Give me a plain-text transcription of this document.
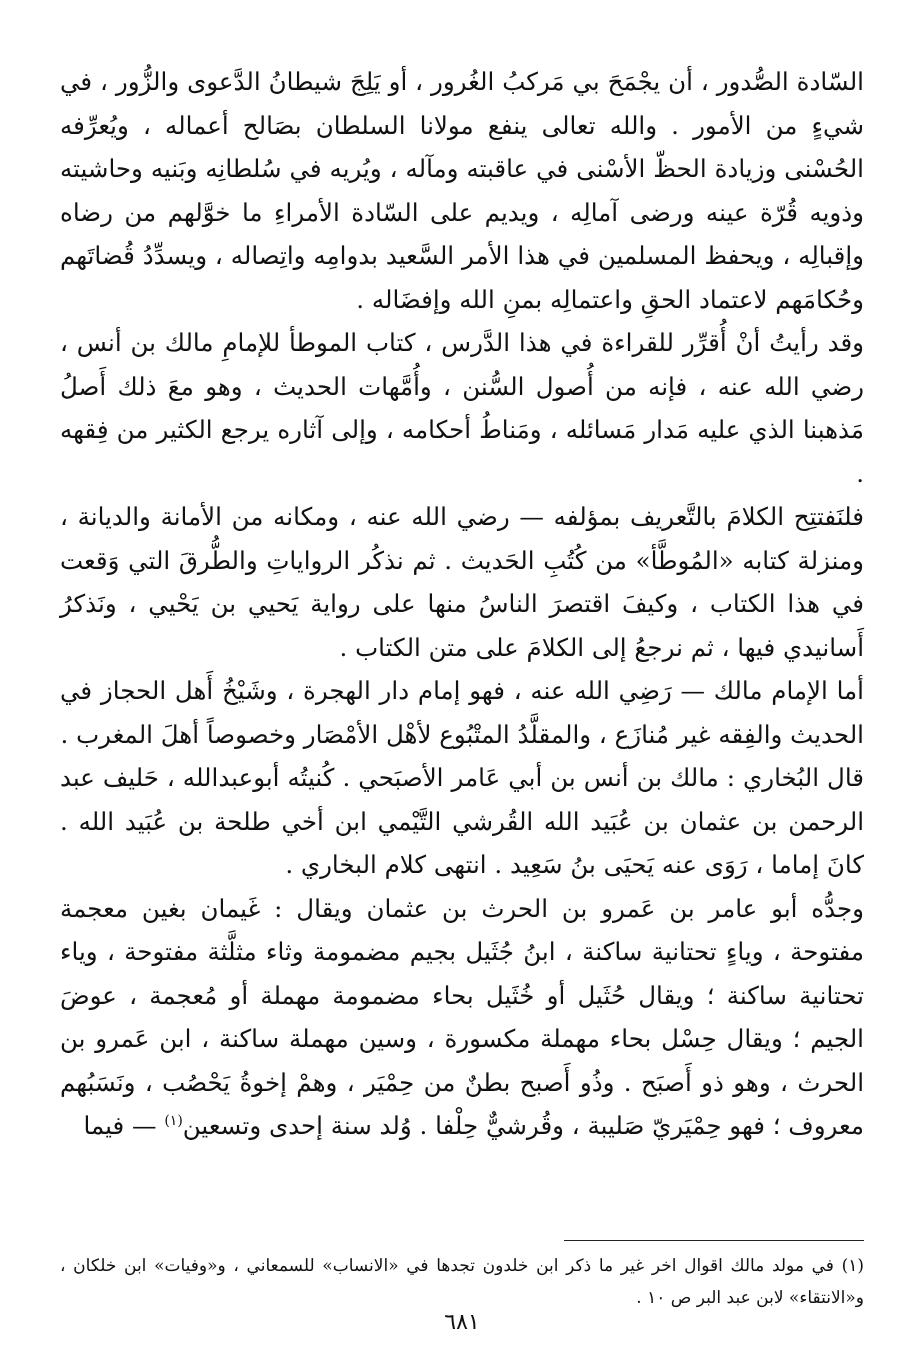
السّادة الصُّدور ، أن يجْمَحَ بي مَركبُ الغُرور ، أو يَلِجَ شيطانُ الدَّعوى والزُّور ، في شيءٍ من الأمور . والله تعالى ينفع مولانا السلطان بصَالح أعماله ، ويُعرِّفه الحُسْنى وزيادة الحظّ الأسْنى في عاقبته ومآله ، ويُريه في سُلطانِه وبَنيه وحاشيته وذويه قُرّة عينه ورضى آمالِه ، ويديم على السّادة الأمراءِ ما خوَّلهم من رضاه وإقبالِه ، ويحفظ المسلمين في هذا الأمر السَّعيد بدوامِه واتِصاله ، ويسدِّدُ قُضاتَهم وحُكامَهم لاعتماد الحقِ واعتمالِه بمنِ الله وإفضَاله .

وقد رأيتُ أنْ أُقرِّر للقراءة في هذا الدَّرس ، كتاب الموطأ للإمامِ مالك بن أنس ، رضي الله عنه ، فإنه من أُصول السُّنن ، وأُمَّهات الحديث ، وهو معَ ذلك أَصلُ مَذهبنا الذي عليه مَدار مَسائله ، ومَناطُ أحكامه ، وإلى آثاره يرجع الكثير من فِقهه .

فلنَفتتِح الكلامَ بالتَّعريف بمؤلفه — رضي الله عنه ، ومكانه من الأمانة والديانة ، ومنزلة كتابه «المُوطَّأ» من كُتُبِ الحَديث . ثم نذكُر الرواياتِ والطُّرقَ التي وَقعت في هذا الكتاب ، وكيفَ اقتصرَ الناسُ منها على رواية يَحيي بن يَحْيي ، ونَذكرُ أَسانيدي فيها ، ثم نرجعُ إلى الكلامَ على متن الكتاب .

أما الإمام مالك — رَضِي الله عنه ، فهو إمام دار الهجرة ، وشَيْخُ أَهل الحجاز في الحديث والفِقه غير مُنازَع ، والمقلَّدُ المتْبُوع لأهْل الأمْصَار وخصوصاً أهلَ المغرب .

قال البُخاري : مالك بن أنس بن أبي عَامر الأصبَحي . كُنيتُه أبوعبدالله ، حَليف عبد الرحمن بن عثمان بن عُبَيد الله القُرشي التَّيْمي ابن أخي طلحة بن عُبَيد الله . كانَ إماما ، رَوَى عنه يَحيَى بنُ سَعِيد . انتهى كلام البخاري .

وجدُّه أبو عامر بن عَمرو بن الحرث بن عثمان ويقال : غَيمان بغين معجمة مفتوحة ، وياءٍ تحتانية ساكنة ، ابنُ جُثَيل بجيم مضمومة وثاء مثلَّثة مفتوحة ، وياء تحتانية ساكنة ؛ ويقال حُثَيل أو خُثَيل بحاء مضمومة مهملة أو مُعجمة ، عوضَ الجيم ؛ ويقال حِسْل بحاء مهملة مكسورة ، وسين مهملة ساكنة ، ابن عَمرو بن الحرث ، وهو ذو أَصبَح . وذُو أَصبح بطنٌ من حِمْيَر ، وهمْ إخوةُ يَحْصُب ، ونَسَبُهم معروف ؛ فهو حِمْيَريّ صَليبة ، وقُرشيٌّ حِلْفا . وُلد سنة إحدى وتسعين$^{(١)}$ — فيما

(١) في مولد مالك اقوال اخر غير ما ذكر ابن خلدون تجدها في «الانساب» للسمعاني ، و«وفيات» ابن خلكان ، و«الانتقاء» لابن عبد البر ص ١٠ .
٦٨١
